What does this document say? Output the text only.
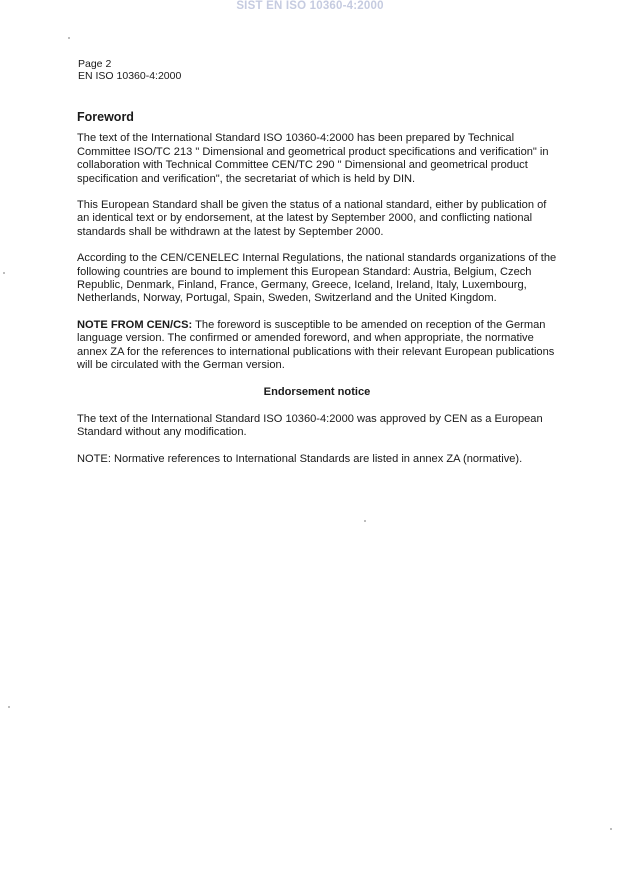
SIST EN ISO 10360-4:2000
Page 2
EN ISO 10360-4:2000
Foreword

The text of the International Standard ISO 10360-4:2000 has been prepared by Technical Committee ISO/TC 213 " Dimensional and geometrical product specifications and verification" in collaboration with Technical Committee CEN/TC 290 " Dimensional and geometrical product specification and verification", the secretariat of which is held by DIN.

This European Standard shall be given the status of a national standard, either by publication of an identical text or by endorsement, at the latest by September 2000, and conflicting national standards shall be withdrawn at the latest by September 2000.

According to the CEN/CENELEC Internal Regulations, the national standards organizations of the following countries are bound to implement this European Standard: Austria, Belgium, Czech Republic, Denmark, Finland, France, Germany, Greece, Iceland, Ireland, Italy, Luxembourg, Netherlands, Norway, Portugal, Spain, Sweden, Switzerland and the United Kingdom.

NOTE FROM CEN/CS: The foreword is susceptible to be amended on reception of the German language version. The confirmed or amended foreword, and when appropriate, the normative annex ZA for the references to international publications with their relevant European publications will be circulated with the German version.

Endorsement notice

The text of the International Standard ISO 10360-4:2000 was approved by CEN as a European Standard without any modification.

NOTE: Normative references to International Standards are listed in annex ZA (normative).
